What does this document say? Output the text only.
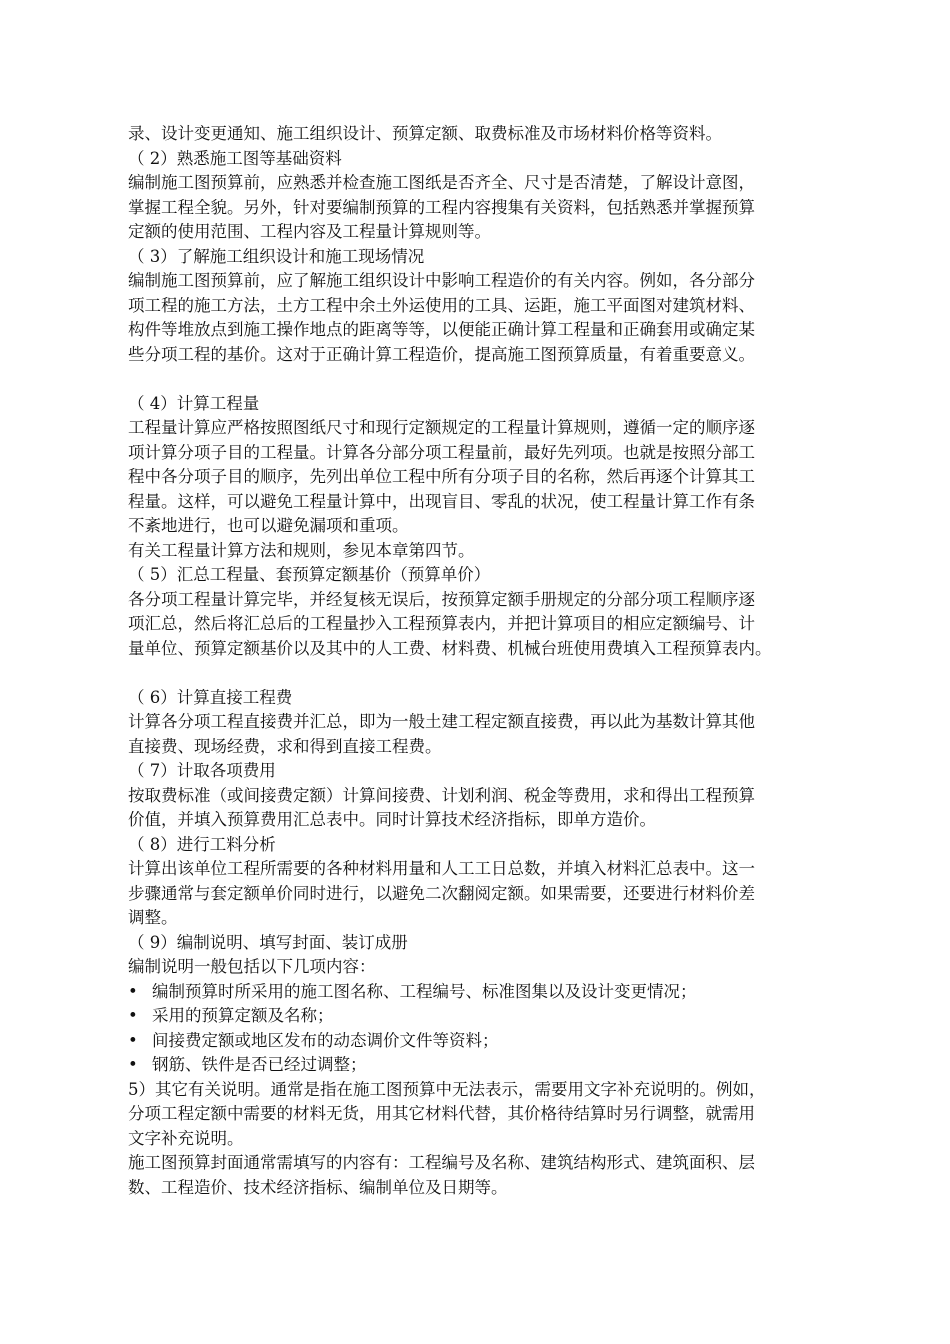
录、设计变更通知、施工组织设计、预算定额、取费标准及市场材料价格等资料。

（ 2）熟悉施工图等基础资料

编制施工图预算前，应熟悉并检查施工图纸是否齐全、尺寸是否清楚，了解设计意图，

掌握工程全貌。另外，针对要编制预算的工程内容搜集有关资料，包括熟悉并掌握预算

定额的使用范围、工程内容及工程量计算规则等。

（ 3）了解施工组织设计和施工现场情况

编制施工图预算前，应了解施工组织设计中影响工程造价的有关内容。例如，各分部分

项工程的施工方法，土方工程中余土外运使用的工具、运距，施工平面图对建筑材料、

构件等堆放点到施工操作地点的距离等等，以便能正确计算工程量和正确套用或确定某

些分项工程的基价。这对于正确计算工程造价，提高施工图预算质量，有着重要意义。

（ 4）计算工程量

工程量计算应严格按照图纸尺寸和现行定额规定的工程量计算规则，遵循一定的顺序逐

项计算分项子目的工程量。计算各分部分项工程量前，最好先列项。也就是按照分部工

程中各分项子目的顺序，先列出单位工程中所有分项子目的名称，然后再逐个计算其工

程量。这样，可以避免工程量计算中，出现盲目、零乱的状况，使工程量计算工作有条

不紊地进行，也可以避免漏项和重项。

有关工程量计算方法和规则，参见本章第四节。

（ 5）汇总工程量、套预算定额基价（预算单价）

各分项工程量计算完毕，并经复核无误后，按预算定额手册规定的分部分项工程顺序逐

项汇总，然后将汇总后的工程量抄入工程预算表内，并把计算项目的相应定额编号、计

量单位、预算定额基价以及其中的人工费、材料费、机械台班使用费填入工程预算表内。

（ 6）计算直接工程费

计算各分项工程直接费并汇总，即为一般土建工程定额直接费，再以此为基数计算其他

直接费、现场经费，求和得到直接工程费。

（ 7）计取各项费用

按取费标准（或间接费定额）计算间接费、计划利润、税金等费用，求和得出工程预算

价值，并填入预算费用汇总表中。同时计算技术经济指标，即单方造价。

（ 8）进行工料分析

计算出该单位工程所需要的各种材料用量和人工工日总数，并填入材料汇总表中。这一

步骤通常与套定额单价同时进行，以避免二次翻阅定额。如果需要，还要进行材料价差

调整。

（ 9）编制说明、填写封面、装订成册

编制说明一般包括以下几项内容：

• 编制预算时所采用的施工图名称、工程编号、标准图集以及设计变更情况；
• 采用的预算定额及名称；
• 间接费定额或地区发布的动态调价文件等资料；
• 钢筋、铁件是否已经过调整；

5）其它有关说明。通常是指在施工图预算中无法表示，需要用文字补充说明的。例如，

分项工程定额中需要的材料无货，用其它材料代替，其价格待结算时另行调整，就需用

文字补充说明。

施工图预算封面通常需填写的内容有：工程编号及名称、建筑结构形式、建筑面积、层

数、工程造价、技术经济指标、编制单位及日期等。
